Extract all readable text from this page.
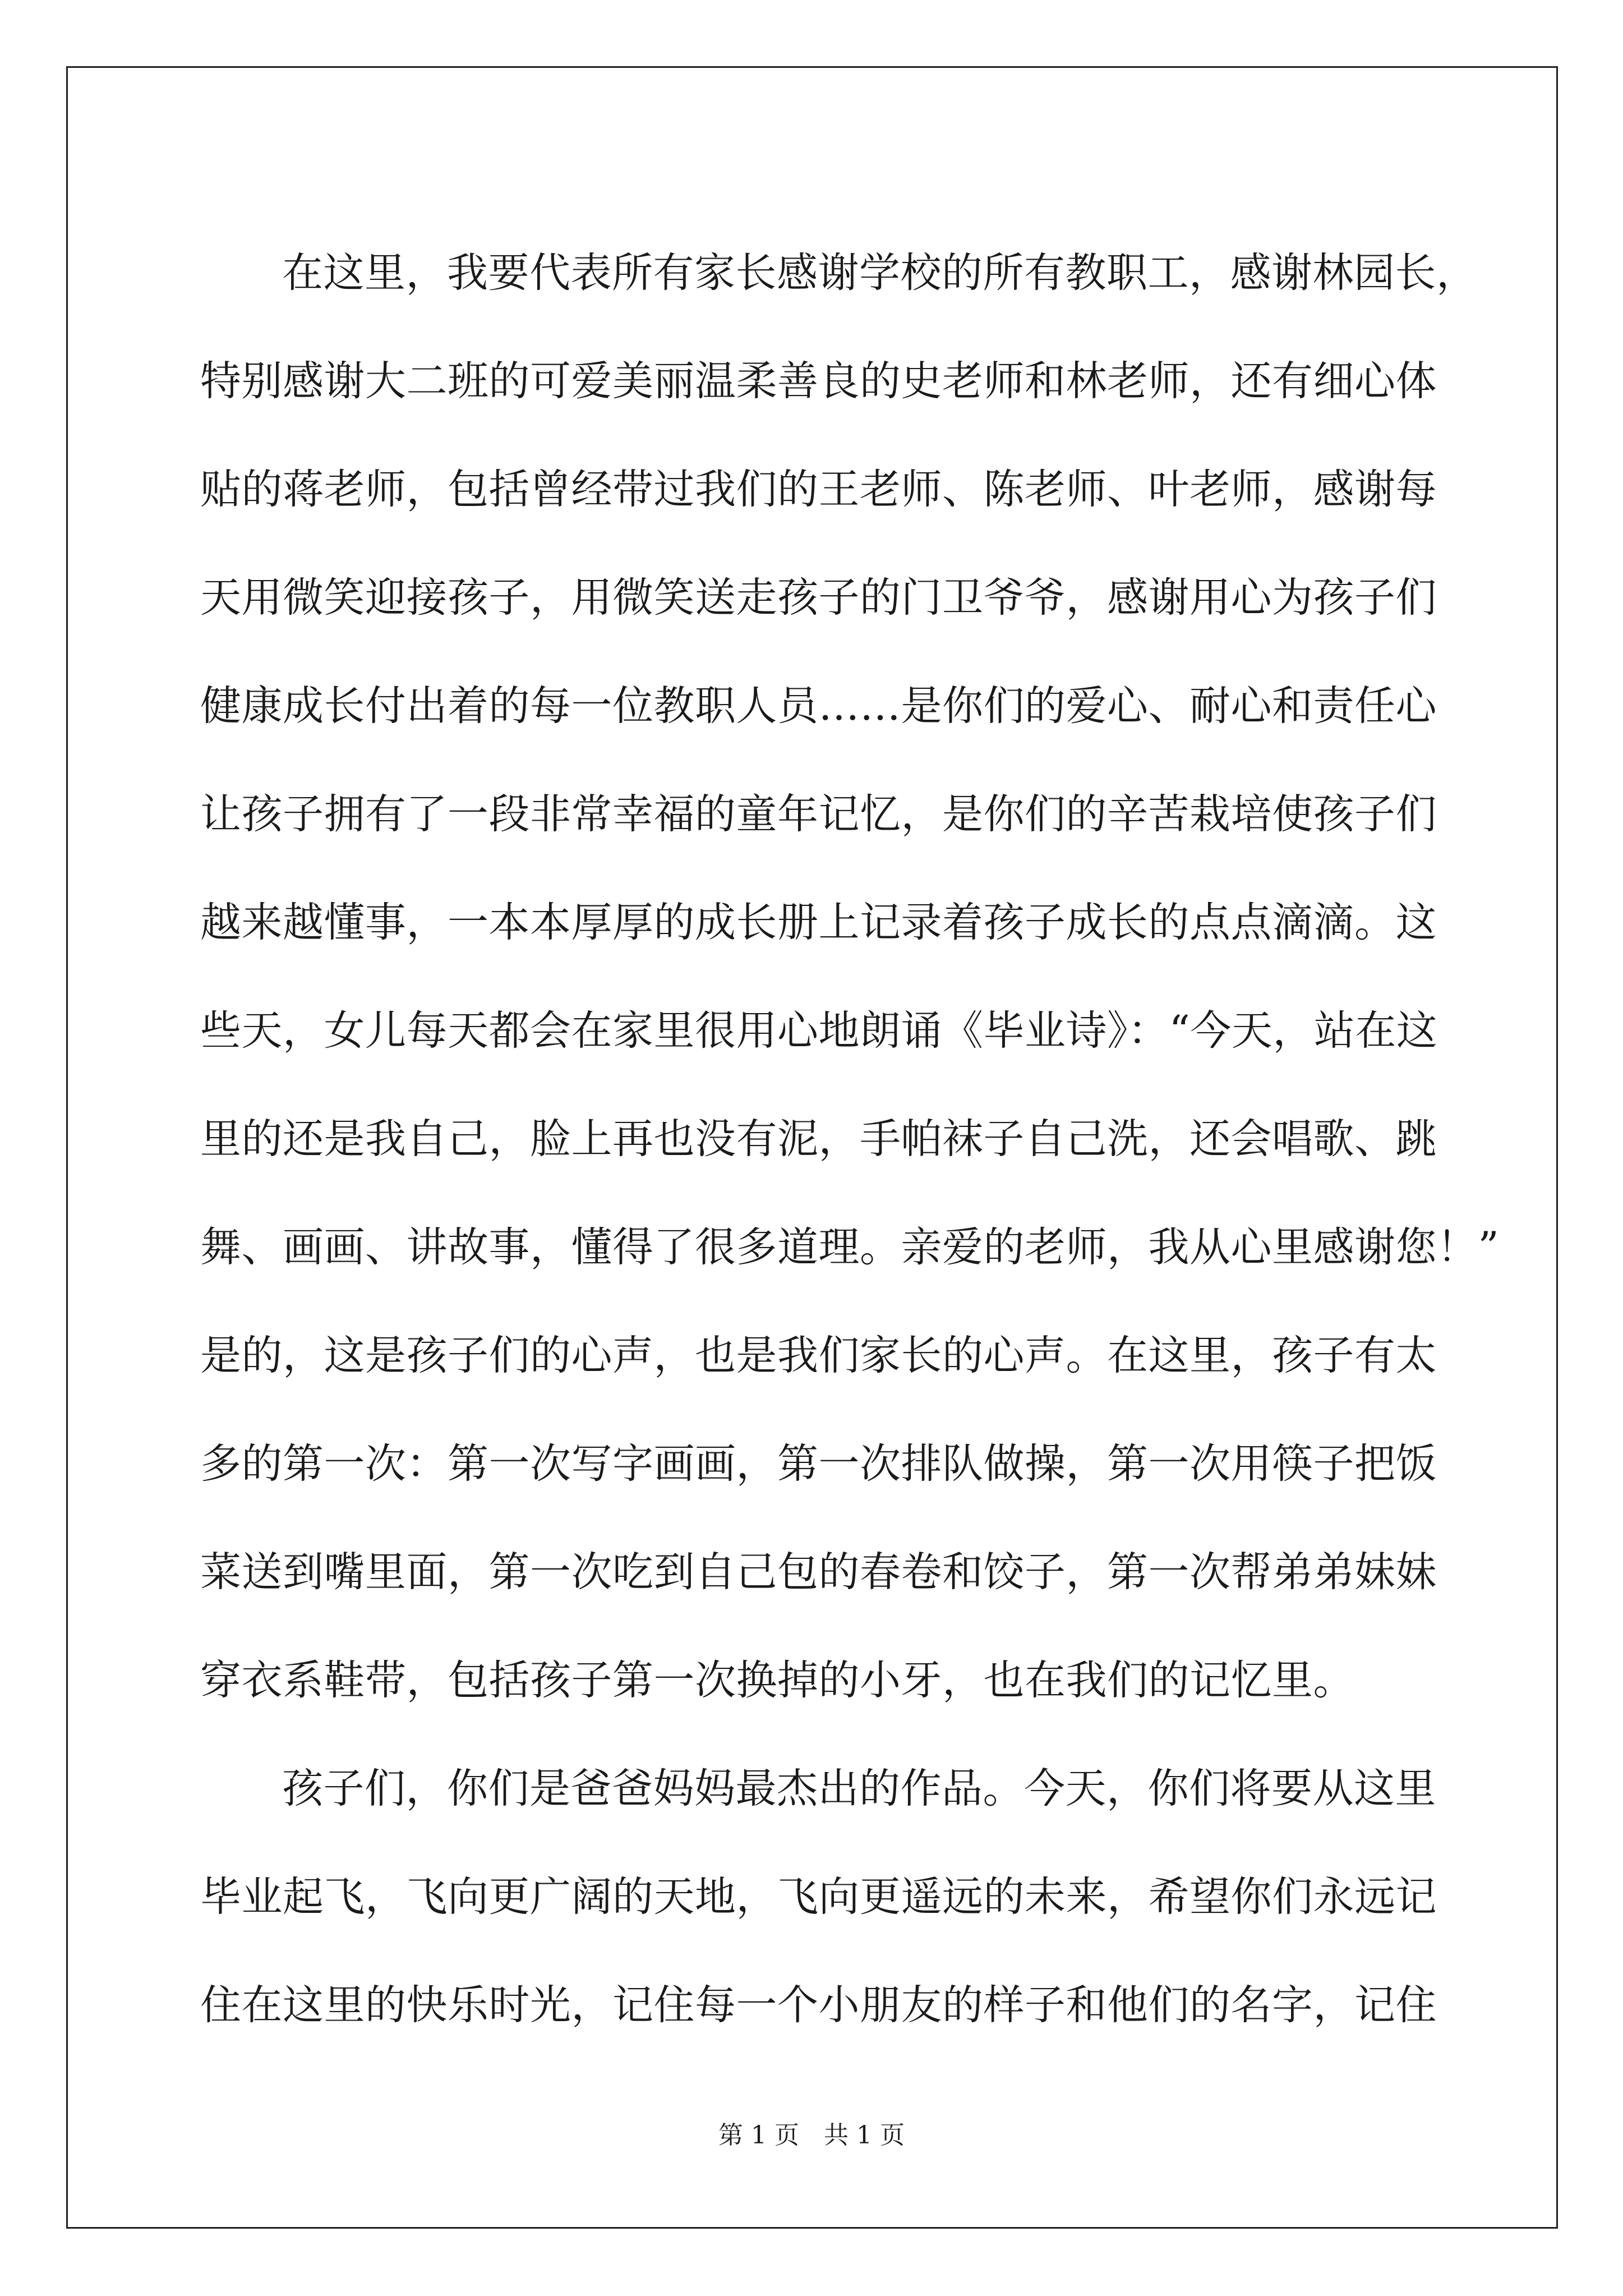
在这里，我要代表所有家长感谢学校的所有教职工，感谢林园长，
特别感谢大二班的可爱美丽温柔善良的史老师和林老师，还有细心体
贴的蒋老师，包括曾经带过我们的王老师、陈老师、叶老师，感谢每
天用微笑迎接孩子，用微笑送走孩子的门卫爷爷，感谢用心为孩子们
健康成长付出着的每一位教职人员……是你们的爱心、耐心和责任心
让孩子拥有了一段非常幸福的童年记忆，是你们的辛苦栽培使孩子们
越来越懂事，一本本厚厚的成长册上记录着孩子成长的点点滴滴。这
些天，女儿每天都会在家里很用心地朗诵《毕业诗》：“今天，站在这
里的还是我自己，脸上再也没有泥，手帕袜子自己洗，还会唱歌、跳
舞、画画、讲故事，懂得了很多道理。亲爱的老师，我从心里感谢您！”
是的，这是孩子们的心声，也是我们家长的心声。在这里，孩子有太
多的第一次：第一次写字画画，第一次排队做操，第一次用筷子把饭
菜送到嘴里面，第一次吃到自己包的春卷和饺子，第一次帮弟弟妹妹
穿衣系鞋带，包括孩子第一次换掉的小牙，也在我们的记忆里。
孩子们，你们是爸爸妈妈最杰出的作品。今天，你们将要从这里
毕业起飞，飞向更广阔的天地，飞向更遥远的未来，希望你们永远记
住在这里的快乐时光，记住每一个小朋友的样子和他们的名字，记住
第 1 页　共 1 页
